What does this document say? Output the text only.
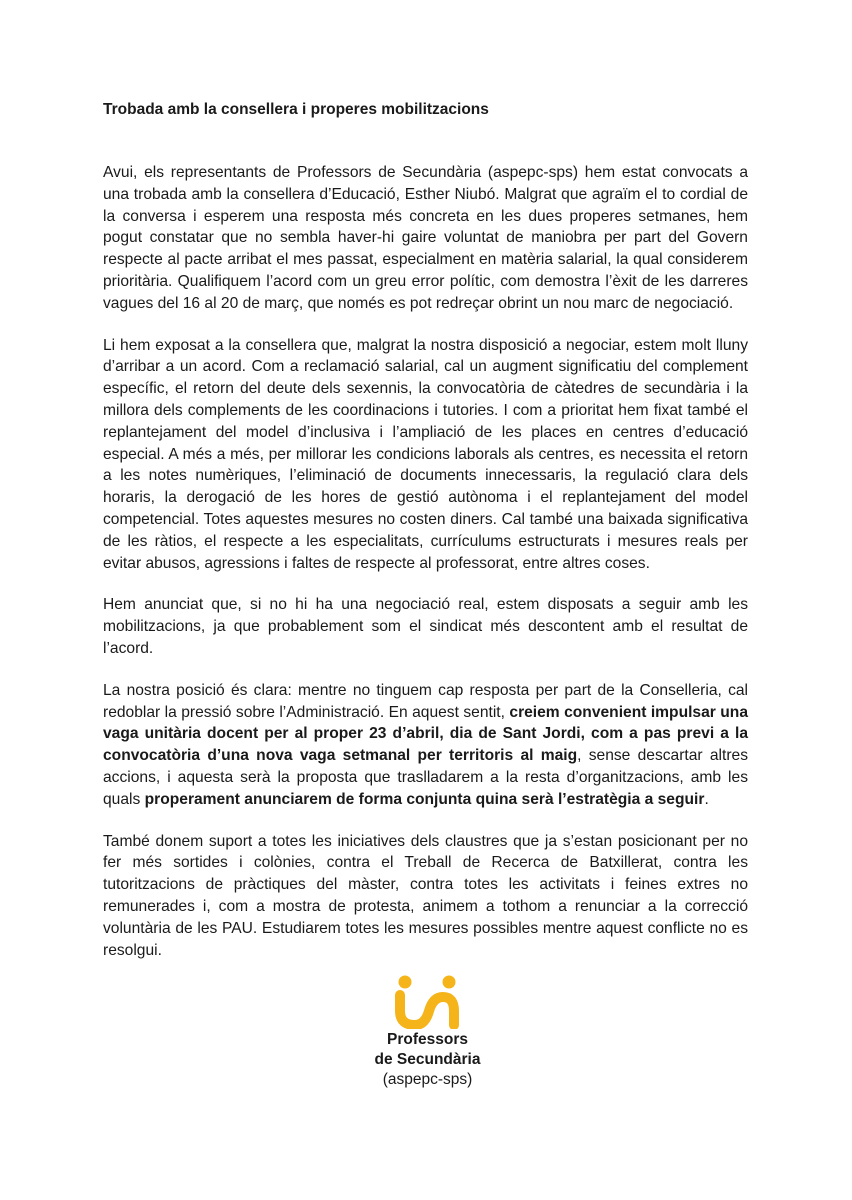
Trobada amb la consellera i properes mobilitzacions

Avui, els representants de Professors de Secundària (aspepc-sps) hem estat convocats a una trobada amb la consellera d’Educació, Esther Niubó. Malgrat que agraïm el to cordial de la conversa i esperem una resposta més concreta en les dues properes setmanes, hem pogut constatar que no sembla haver-hi gaire voluntat de maniobra per part del Govern respecte al pacte arribat el mes passat, especialment en matèria salarial, la qual considerem prioritària. Qualifiquem l’acord com un greu error polític, com demostra l’èxit de les darreres vagues del 16 al 20 de març, que només es pot redreçar obrint un nou marc de negociació.

Li hem exposat a la consellera que, malgrat la nostra disposició a negociar, estem molt lluny d’arribar a un acord. Com a reclamació salarial, cal un augment significatiu del complement específic, el retorn del deute dels sexennis, la convocatòria de càtedres de secundària i la millora dels complements de les coordinacions i tutories. I com a prioritat hem fixat també el replantejament del model d’inclusiva i l’ampliació de les places en centres d’educació especial. A més a més, per millorar les condicions laborals als centres, es necessita el retorn a les notes numèriques, l’eliminació de documents innecessaris, la regulació clara dels horaris, la derogació de les hores de gestió autònoma i el replantejament del model competencial. Totes aquestes mesures no costen diners. Cal també una baixada significativa de les ràtios, el respecte a les especialitats, currículums estructurats i mesures reals per evitar abusos, agressions i faltes de respecte al professorat, entre altres coses.

Hem anunciat que, si no hi ha una negociació real, estem disposats a seguir amb les mobilitzacions, ja que probablement som el sindicat més descontent amb el resultat de l’acord.

La nostra posició és clara: mentre no tinguem cap resposta per part de la Conselleria, cal redoblar la pressió sobre l’Administració. En aquest sentit, creiem convenient impulsar una vaga unitària docent per al proper 23 d’abril, dia de Sant Jordi, com a pas previ a la convocatòria d’una nova vaga setmanal per territoris al maig, sense descartar altres accions, i aquesta serà la proposta que traslladarem a la resta d’organitzacions, amb les quals properament anunciarem de forma conjunta quina serà l’estratègia a seguir.

També donem suport a totes les iniciatives dels claustres que ja s’estan posicionant per no fer més sortides i colònies, contra el Treball de Recerca de Batxillerat, contra les tutoritzacions de pràctiques del màster, contra totes les activitats i feines extres no remunerades i, com a mostra de protesta, animem a tothom a renunciar a la correcció voluntària de les PAU. Estudiarem totes les mesures possibles mentre aquest conflicte no es resolgui.

Professors
de Secundària
(aspepc-sps)
